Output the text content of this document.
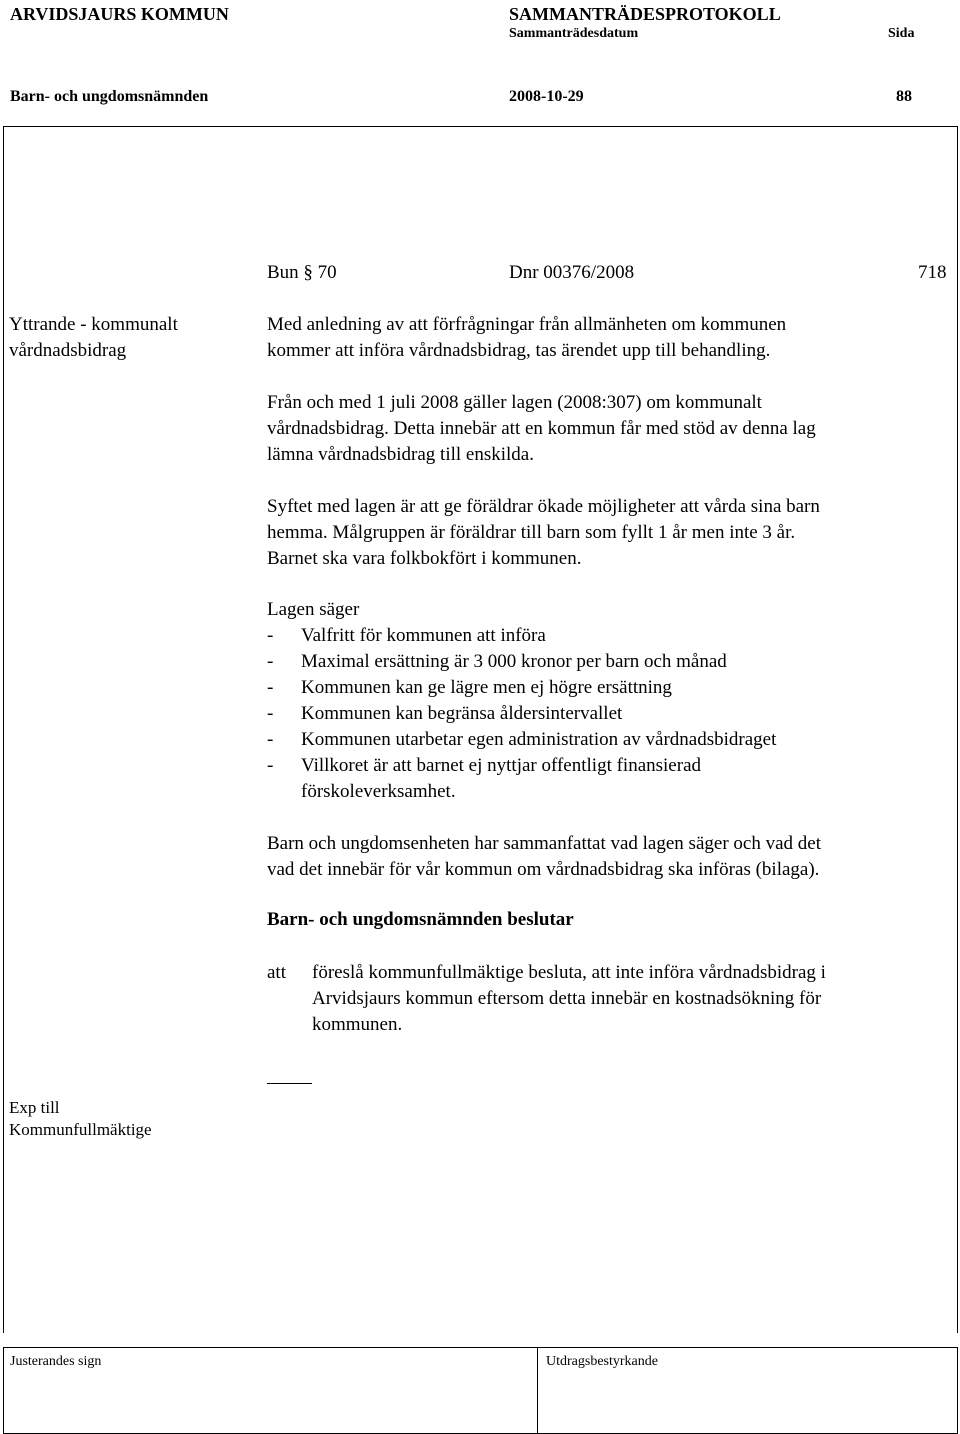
ARVIDSJAURS KOMMUN	SAMMANTRÄDESPROTOKOLL
Sammanträdesdatum	Sida
Barn- och ungdomsnämnden	2008-10-29	88
Bun § 70	Dnr 00376/2008	718
Yttrande - kommunalt
vårdnadsbidrag
Med anledning av att förfrågningar från allmänheten om kommunen
kommer att införa vårdnadsbidrag, tas ärendet upp till behandling.
Från och med 1 juli 2008 gäller lagen (2008:307) om kommunalt
vårdnadsbidrag. Detta innebär att en kommun får med stöd av denna lag
lämna vårdnadsbidrag till enskilda.
Syftet med lagen är att ge föräldrar ökade möjligheter att vårda sina barn
hemma. Målgruppen är föräldrar till barn som fyllt 1 år men inte 3 år.
Barnet ska vara folkbokfört i kommunen.
Lagen säger
-	Valfritt för kommunen att införa
-	Maximal ersättning är 3 000 kronor per barn och månad
-	Kommunen kan ge lägre men ej högre ersättning
-	Kommunen kan begränsa åldersintervallet
-	Kommunen utarbetar egen administration av vårdnadsbidraget
-	Villkoret är att barnet ej nyttjar offentligt finansierad förskoleverksamhet.
Barn och ungdomsenheten har sammanfattat vad lagen säger och vad det
vad det innebär för vår kommun om vårdnadsbidrag ska införas (bilaga).
Barn- och ungdomsnämnden beslutar
att föreslå kommunfullmäktige besluta, att inte införa vårdnadsbidrag i
Arvidsjaurs kommun eftersom detta innebär en kostnadsökning för
kommunen.
Exp till
Kommunfullmäktige
Justerandes sign	Utdragsbestyrkande
